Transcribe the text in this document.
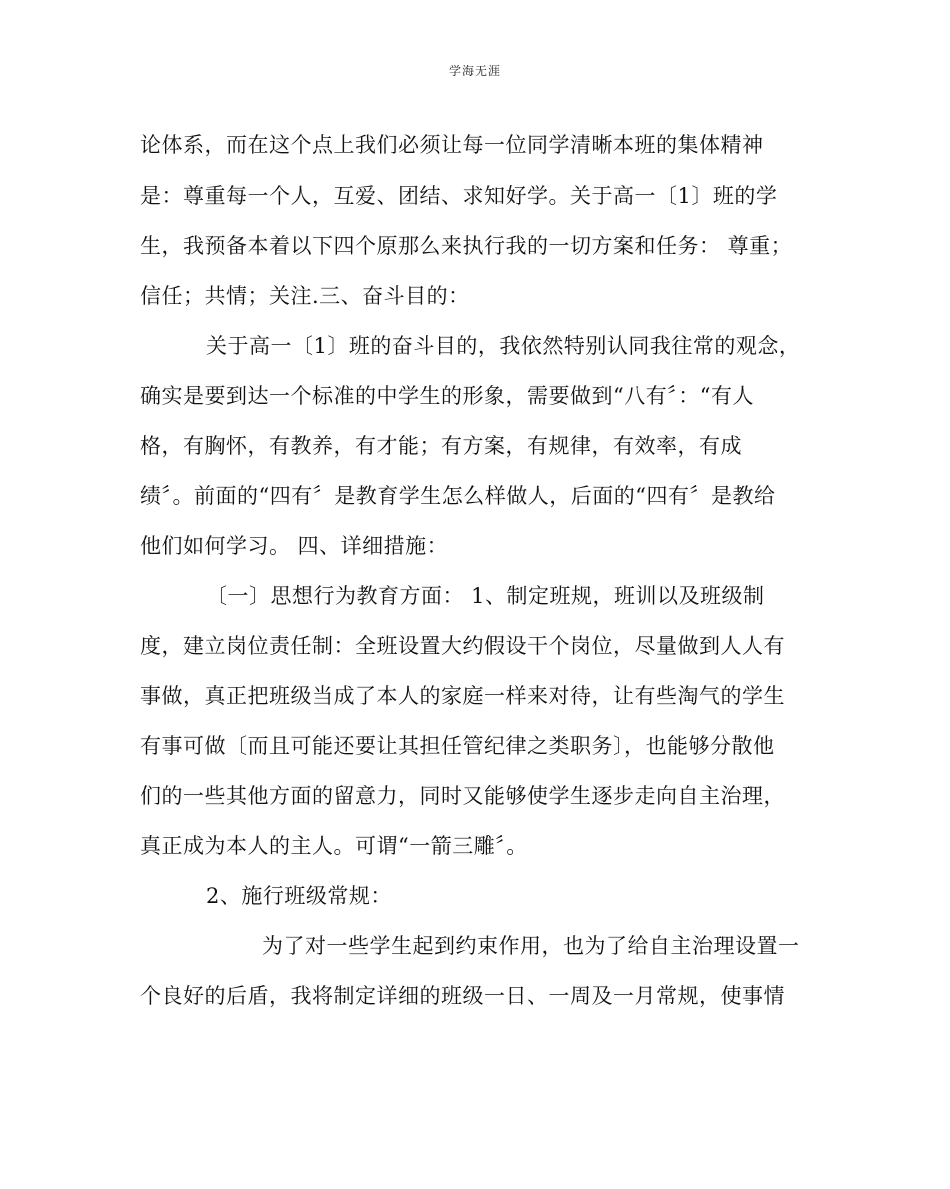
学海无涯
论体系，而在这个点上我们必须让每一位同学清晰本班的集体精神
是：尊重每一个人，互爱、团结、求知好学。关于高一〔1〕班的学
生，我预备本着以下四个原那么来执行我的一切方案和任务： 尊重；
信任；共情；关注.三、奋斗目的：
关于高一〔1〕班的奋斗目的，我依然特别认同我往常的观念，
确实是要到达一个标准的中学生的形象，需要做到“八有〞：“有人
格，有胸怀，有教养，有才能；有方案，有规律，有效率，有成
绩〞。前面的“四有〞是教育学生怎么样做人，后面的“四有〞是教给
他们如何学习。 四、详细措施：
〔一〕思想行为教育方面： 1、制定班规，班训以及班级制
度，建立岗位责任制：全班设置大约假设干个岗位，尽量做到人人有
事做，真正把班级当成了本人的家庭一样来对待，让有些淘气的学生
有事可做〔而且可能还要让其担任管纪律之类职务〕，也能够分散他
们的一些其他方面的留意力，同时又能够使学生逐步走向自主治理，
真正成为本人的主人。可谓“一箭三雕〞。
2、施行班级常规：
为了对一些学生起到约束作用，也为了给自主治理设置一
个良好的后盾，我将制定详细的班级一日、一周及一月常规，使事情
